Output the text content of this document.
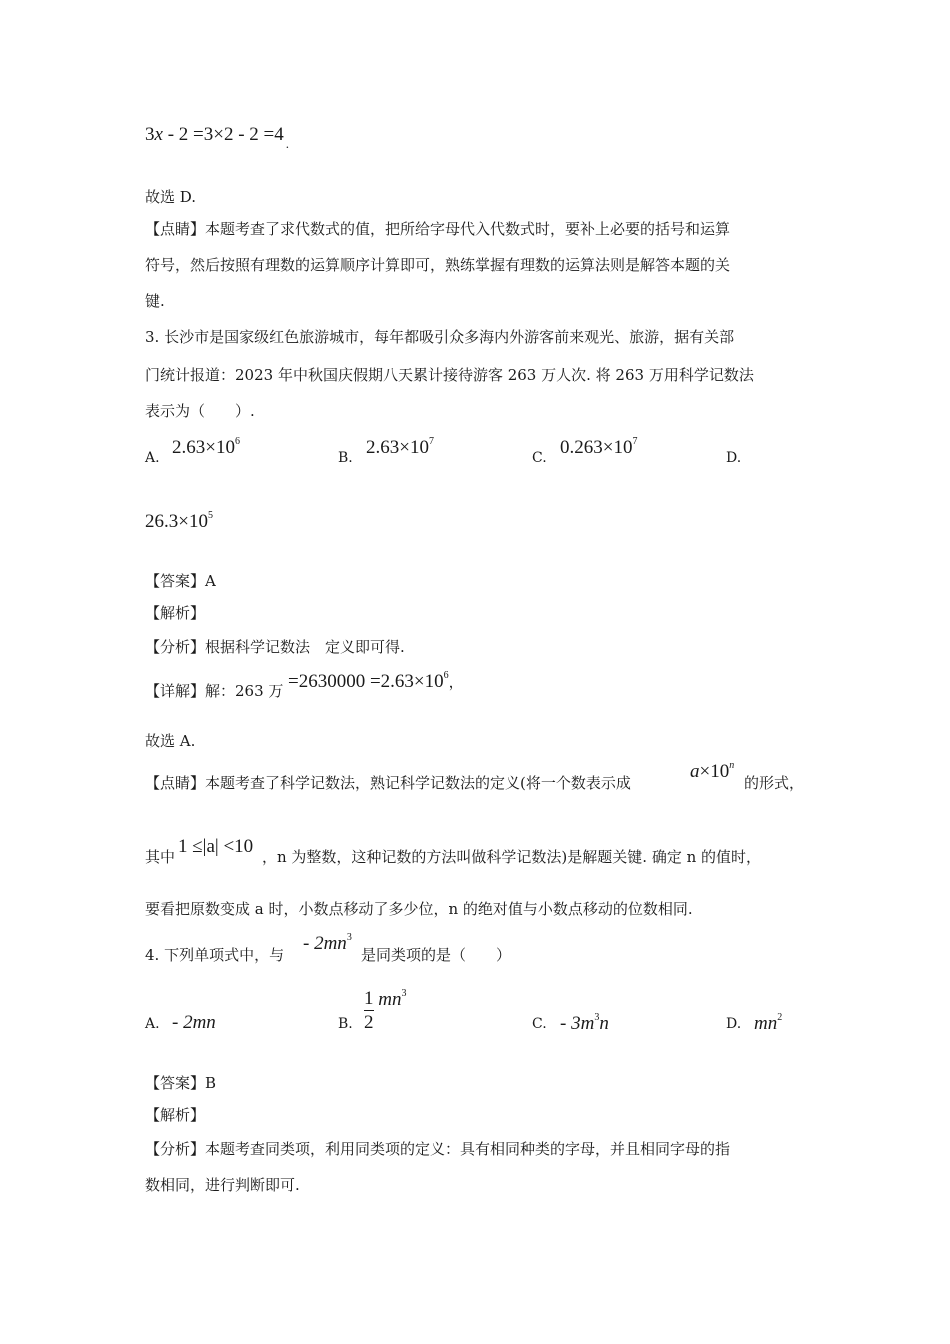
3x - 2 =3×2 - 2 =4 $_.$
故选 D.
【点睛】本题考查了求代数式的值，把所给字母代入代数式时，要补上必要的括号和运算
符号，然后按照有理数的运算顺序计算即可，熟练掌握有理数的运算法则是解答本题的关
键.
3. 长沙市是国家级红色旅游城市，每年都吸引众多海内外游客前来观光、旅游，据有关部
门统计报道：2023 年中秋国庆假期八天累计接待游客 263 万人次. 将 263 万用科学记数法
表示为（　　）.
A. $2.63\times 10^6$
B. $2.63\times 10^7$
C. $0.263\times 10^7$
D.
$26.3\times 10^5$
【答案】A
【解析】
【分析】根据科学记数法　定义即可得.
【详解】解：263 万 $=2630000 =2.63\times 10^6$，
故选 A.
【点睛】本题考查了科学记数法，熟记科学记数法的定义(将一个数表示成
$a\times 10^n$
的形式，
其中 1 ≤|a| <10 ，n 为整数，这种记数的方法叫做科学记数法)是解题关键. 确定 n 的值时，
要看把原数变成 a 时，小数点移动了多少位，n 的绝对值与小数点移动的位数相同.
4. 下列单项式中，与
- $2mn^3$
是同类项的是（　　）
A. - 2mn	B. $\frac{1}{2} mn^3$
C. - $3m^3n$	D. $mn^2$
【答案】B
【解析】
【分析】本题考查同类项，利用同类项的定义：具有相同种类的字母，并且相同字母的指
数相同，进行判断即可.
